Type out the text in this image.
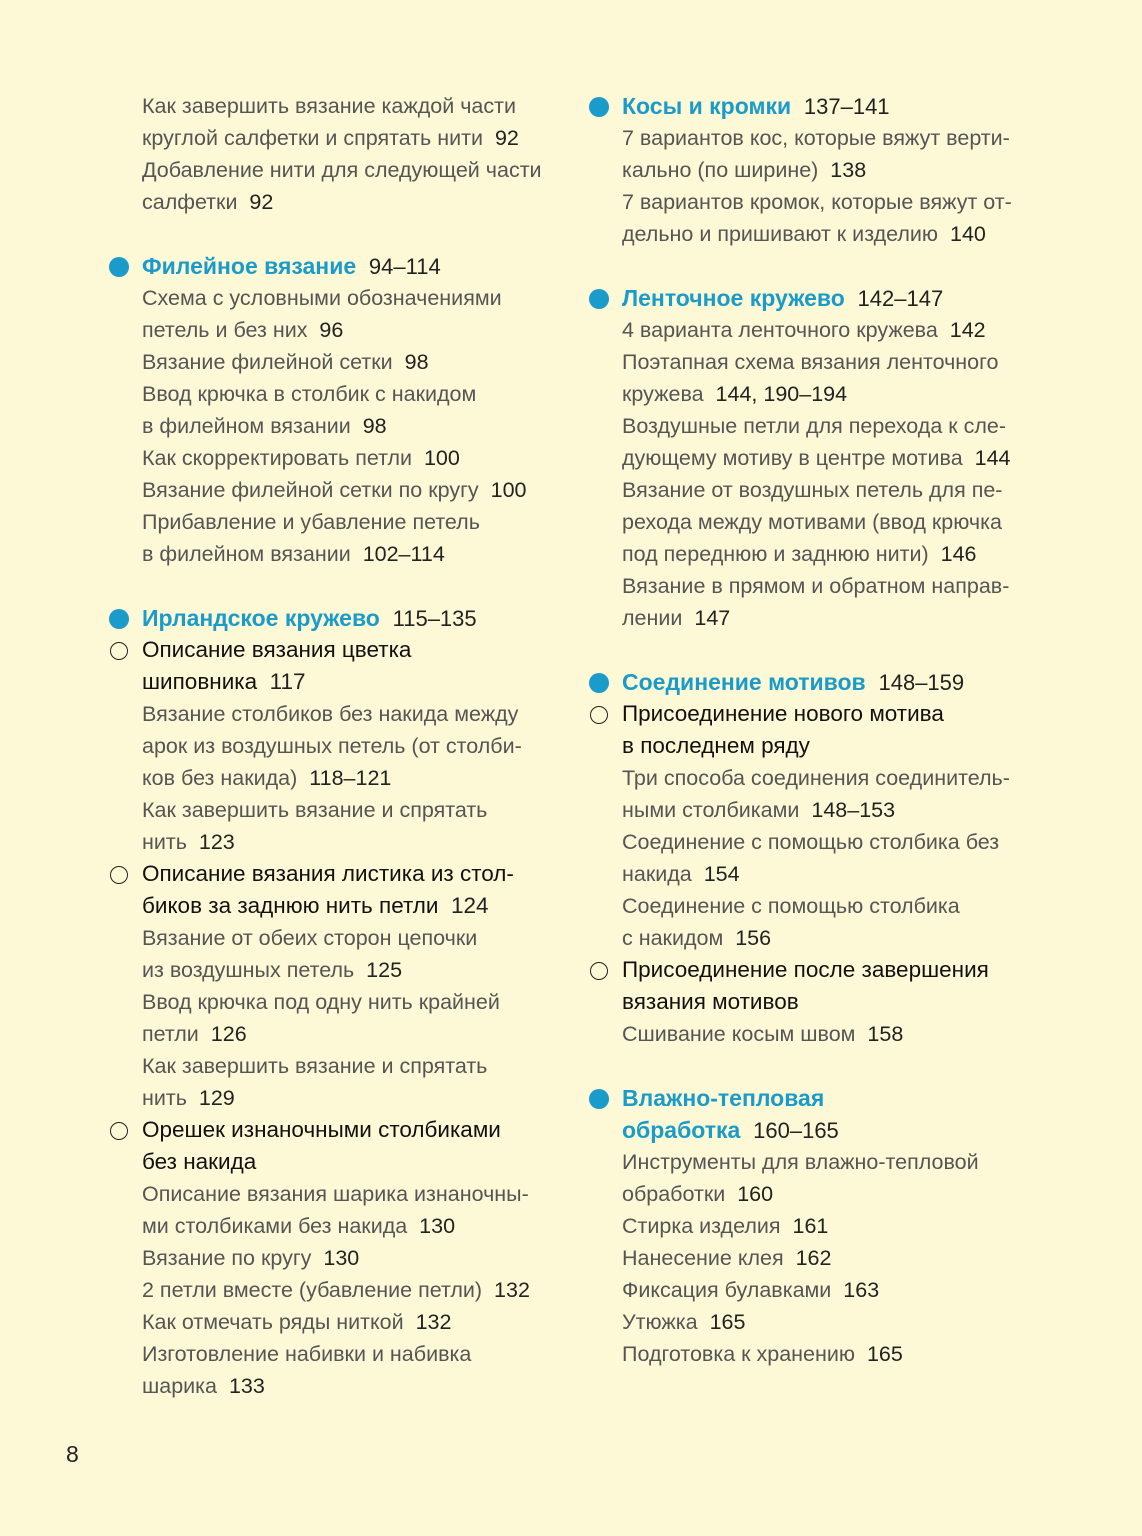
Как завершить вязание каждой части
круглой салфетки и спрятать нити 92
Добавление нити для следующей части
салфетки 92
Филейное вязание 94–114
Схема с условными обозначениями
петель и без них 96
Вязание филейной сетки 98
Ввод крючка в столбик с накидом
в филейном вязании 98
Как скорректировать петли 100
Вязание филейной сетки по кругу 100
Прибавление и убавление петель
в филейном вязании 102–114
Ирландское кружево 115–135
Описание вязания цветка
шиповника 117
Вязание столбиков без накида между
арок из воздушных петель (от столби-
ков без накида) 118–121
Как завершить вязание и спрятать
нить 123
Описание вязания листика из стол-
биков за заднюю нить петли 124
Вязание от обеих сторон цепочки
из воздушных петель 125
Ввод крючка под одну нить крайней
петли 126
Как завершить вязание и спрятать
нить 129
Орешек изнаночными столбиками
без накида
Описание вязания шарика изнаночны-
ми столбиками без накида 130
Вязание по кругу 130
2 петли вместе (убавление петли) 132
Как отмечать ряды ниткой 132
Изготовление набивки и набивка
шарика 133
Косы и кромки 137–141
7 вариантов кос, которые вяжут верти-
кально (по ширине) 138
7 вариантов кромок, которые вяжут от-
дельно и пришивают к изделию 140
Ленточное кружево 142–147
4 варианта ленточного кружева 142
Поэтапная схема вязания ленточного
кружева 144, 190–194
Воздушные петли для перехода к сле-
дующему мотиву в центре мотива 144
Вязание от воздушных петель для пе-
рехода между мотивами (ввод крючка
под переднюю и заднюю нити) 146
Вязание в прямом и обратном направ-
лении 147
Соединение мотивов 148–159
Присоединение нового мотива
в последнем ряду
Три способа соединения соединитель-
ными столбиками 148–153
Соединение с помощью столбика без
накида 154
Соединение с помощью столбика
с накидом 156
Присоединение после завершения
вязания мотивов
Сшивание косым швом 158
Влажно-тепловая
обработка 160–165
Инструменты для влажно-тепловой
обработки 160
Стирка изделия 161
Нанесение клея 162
Фиксация булавками 163
Утюжка 165
Подготовка к хранению 165
8
